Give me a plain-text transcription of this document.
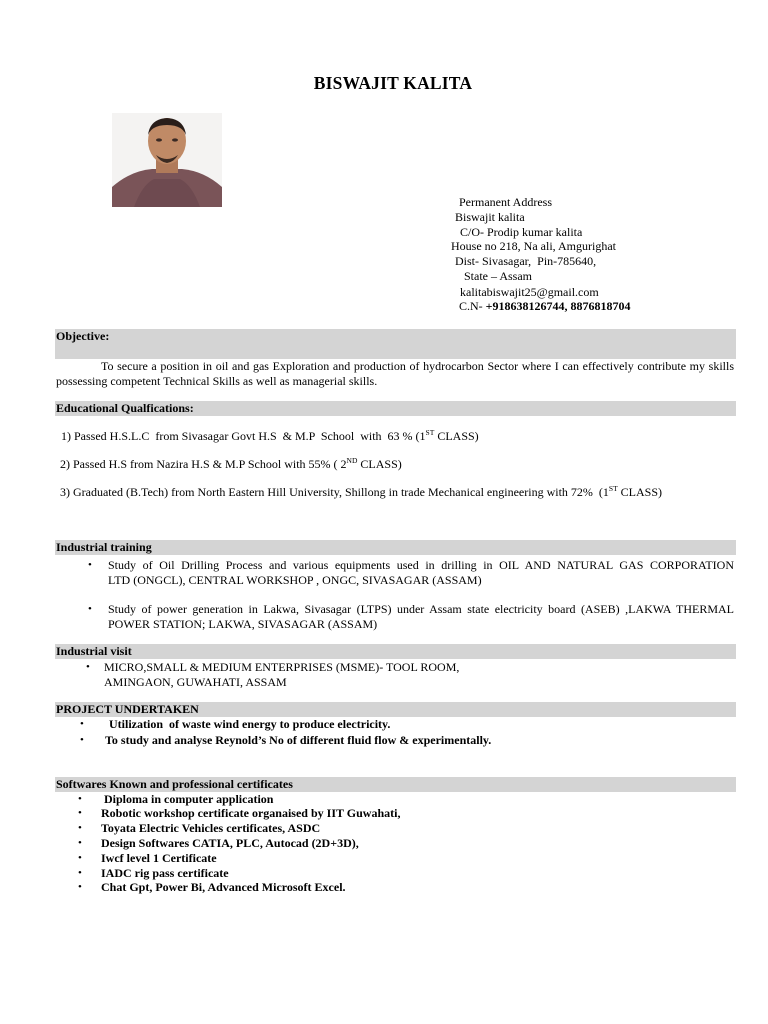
BISWAJIT KALITA
Permanent Address
Biswajit kalita
C/O- Prodip kumar kalita
House no 218, Na ali, Amgurighat
Dist- Sivasagar,  Pin-785640,
State – Assam
kalitabiswajit25@gmail.com
C.N- +918638126744, 8876818704
Objective:
To secure a position in oil and gas Exploration and production of hydrocarbon Sector where I can effectively contribute my skills possessing competent Technical Skills as well as managerial skills.
Educational Qualfications:
1) Passed H.S.L.C  from Sivasagar Govt H.S  & M.P  School  with  63 % (1ST CLASS)
2) Passed H.S from Nazira H.S & M.P School with 55% ( 2ND CLASS)
3) Graduated (B.Tech) from North Eastern Hill University, Shillong in trade Mechanical engineering with 72%  (1ST CLASS)
Industrial training
•	Study of Oil Drilling Process and various equipments used in drilling in OIL AND NATURAL GAS CORPORATION
LTD (ONGCL), CENTRAL WORKSHOP , ONGC, SIVASAGAR (ASSAM)
•	Study of power generation in Lakwa, Sivasagar (LTPS) under Assam state electricity board (ASEB) ,LAKWA THERMAL
POWER STATION; LAKWA, SIVASAGAR (ASSAM)
Industrial visit
•	MICRO,SMALL & MEDIUM ENTERPRISES (MSME)- TOOL ROOM,
AMINGAON, GUWAHATI, ASSAM
PROJECT UNDERTAKEN
•	Utilization  of waste wind energy to produce electricity.
•	To study and analyse Reynold’s No of different fluid flow & experimentally.
Softwares Known and professional certificates
•	Diploma in computer application
•	Robotic workshop certificate organaised by IIT Guwahati,
•	Toyata Electric Vehicles certificates, ASDC
•	Design Softwares CATIA, PLC, Autocad (2D+3D),
•	Iwcf level 1 Certificate
•	IADC rig pass certificate
•	Chat Gpt, Power Bi, Advanced Microsoft Excel.
